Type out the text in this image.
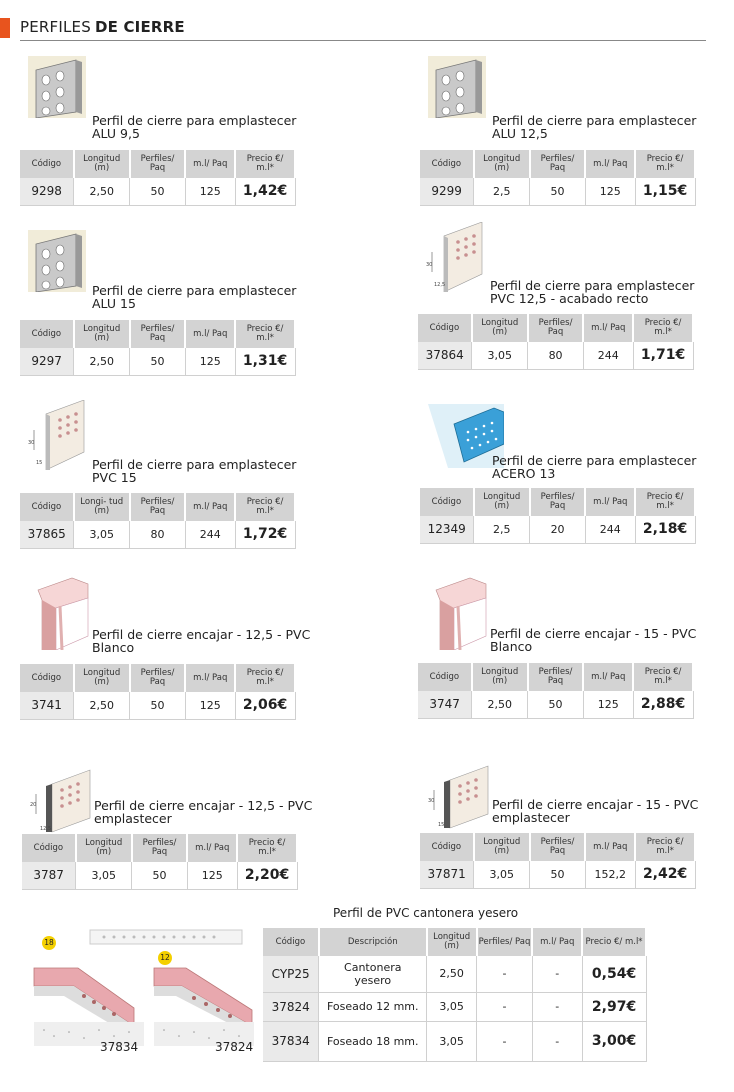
PERFILES DE CIERRE
Perfil de cierre para emplastecer ALU 9,5
Código	Longitud (m)	Perfiles/ Paq	m.l/ Paq	Precio €/ m.l*
9298	2,50	50	125	1,42€
Perfil de cierre para emplastecer ALU 12,5
Código	Longitud (m)	Perfiles/ Paq	m.l/ Paq	Precio €/ m.l*
9299	2,5	50	125	1,15€
Perfil de cierre para emplastecer ALU 15
Código	Longitud (m)	Perfiles/ Paq	m.l/ Paq	Precio €/ m.l*
9297	2,50	50	125	1,31€
30
12,5	Perfil de cierre para emplastecer PVC 12,5 - acabado recto
Código	Longitud (m)	Perfiles/ Paq	m.l/ Paq	Precio €/ m.l*
37864	3,05	80	244	1,71€
30
15	Perfil de cierre para emplastecer PVC 15
Código	Longi- tud (m)	Perfiles/ Paq	m.l/ Paq	Precio €/ m.l*
37865	3,05	80	244	1,72€
Perfil de cierre para emplastecer ACERO 13
Código	Longitud (m)	Perfiles/ Paq	m.l/ Paq	Precio €/ m.l*
12349	2,5	20	244	2,18€
Perfil de cierre encajar - 12,5 - PVC Blanco
Código	Longitud (m)	Perfiles/ Paq	m.l/ Paq	Precio €/ m.l*
3741	2,50	50	125	2,06€
Perfil de cierre encajar - 15 - PVC Blanco
Código	Longitud (m)	Perfiles/ Paq	m.l/ Paq	Precio €/ m.l*
3747	2,50	50	125	2,88€
20
12,5
Perfil de cierre encajar - 12,5 - PVC emplastecer
Código	Longitud (m)	Perfiles/ Paq	m.l/ Paq	Precio €/ m.l*
3787	3,05	50	125	2,20€
30
15
Perfil de cierre encajar - 15 - PVC emplastecer
Código	Longitud (m)	Perfiles/ Paq	m.l/ Paq	Precio €/ m.l*
37871	3,05	50	152,2	2,42€
Perfil de PVC cantonera yesero
18
12
37834	37824
Código	Descripción	Longitud (m)	Perfiles/ Paq	m.l/ Paq	Precio €/ m.l*
CYP25	Cantonera yesero	2,50	-	-	0,54€
37824	Foseado 12 mm.	3,05	-	-	2,97€
37834	Foseado 18 mm.	3,05	-	-	3,00€
